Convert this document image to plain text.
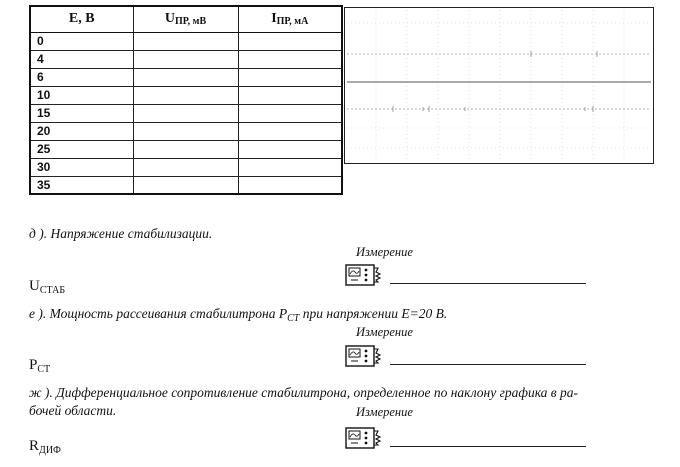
E, B	$U_{ПР, мВ}$	$I_{ПР, мА}$
0		
4		
6		
10		
15		
20		
25		
30		
35		
д ). Напряжение стабилизации.
Измерение
$U_{СТАБ}$
е ). Мощность рассеивания стабилитрона $P_{СТ}$ при напряжении E=20 В.
Измерение
$P_{СТ}$
ж ). Дифференциальное сопротивление стабилитрона, определенное по наклону графика в ра-
бочей области.	Измерение
$R_{ДИФ}$
